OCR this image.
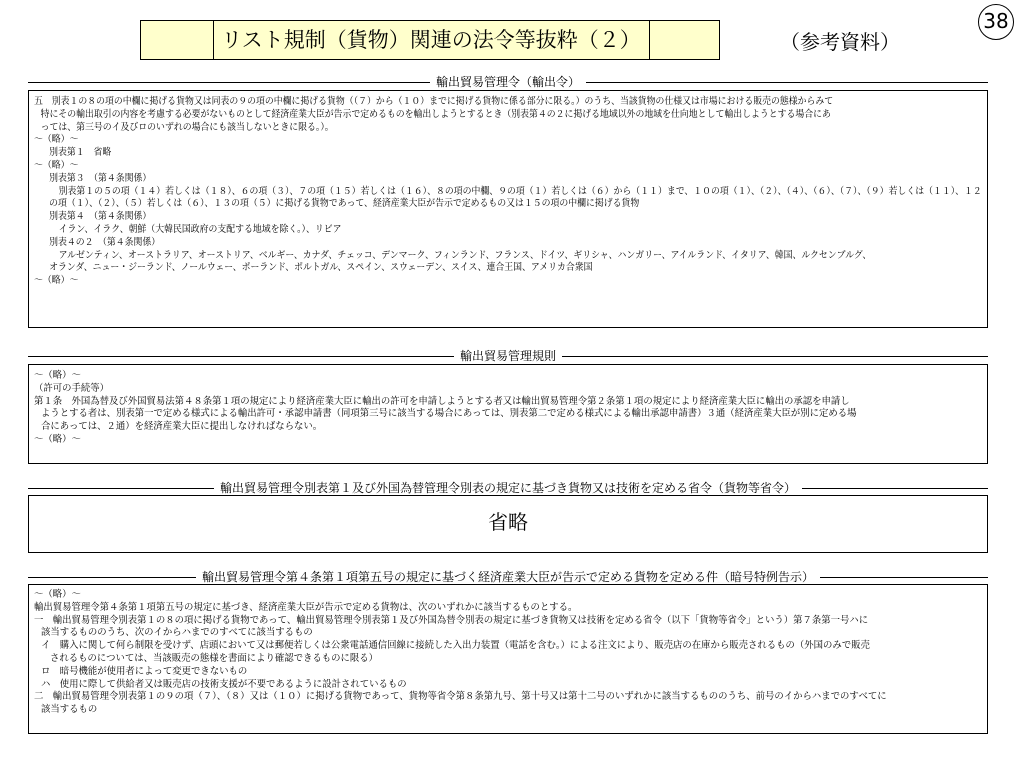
リスト規制（貨物）関連の法令等抜粋（２）	（参考資料）
38
輸出貿易管理令（輸出令）
五　別表１の８の項の中欄に掲げる貨物又は同表の９の項の中欄に掲げる貨物（（７）から（１０）までに掲げる貨物に係る部分に限る。）のうち、当該貨物の仕様又は市場における販売の態様からみて
特にその輸出取引の内容を考慮する必要がないものとして経済産業大臣が告示で定めるものを輸出しようとするとき（別表第４の２に掲げる地域以外の地域を仕向地として輸出しようとする場合にあ
っては、第三号のイ及びロのいずれの場合にも該当しないときに限る。）。
～（略）～
別表第１　省略
～（略）～
別表第３　（第４条関係）
別表第１の５の項（１４）若しくは（１８）、６の項（３）、７の項（１５）若しくは（１６）、８の項の中欄、９の項（１）若しくは（６）から（１１）まで、１０の項（１）、（２）、（４）、（６）、（７）、（９）若しくは（１１）、１２
の項（１）、（２）、（５）若しくは（６）、１３の項（５）に掲げる貨物であって、経済産業大臣が告示で定めるもの又は１５の項の中欄に掲げる貨物
別表第４　（第４条関係）
イラン、イラク、朝鮮（大韓民国政府の支配する地域を除く。）、リビア
別表４の２　（第４条関係）
アルゼンティン、オーストラリア、オーストリア、ベルギー、カナダ、チェッコ、デンマーク、フィンランド、フランス、ドイツ、ギリシャ、ハンガリー、アイルランド、イタリア、韓国、ルクセンブルグ、
オランダ、ニュー・ジーランド、ノールウェー、ポーランド、ポルトガル、スペイン、スウェーデン、スイス、連合王国、アメリカ合衆国
～（略）～
輸出貿易管理規則
～（略）～
（許可の手続等）
第１条　外国為替及び外国貿易法第４８条第１項の規定により経済産業大臣に輸出の許可を申請しようとする者又は輸出貿易管理令第２条第１項の規定により経済産業大臣に輸出の承認を申請し
ようとする者は、別表第一で定める様式による輸出許可・承認申請書（同項第三号に該当する場合にあっては、別表第二で定める様式による輸出承認申請書）３通（経済産業大臣が別に定める場
合にあっては、２通）を経済産業大臣に提出しなければならない。
～（略）～
輸出貿易管理令別表第１及び外国為替管理令別表の規定に基づき貨物又は技術を定める省令（貨物等省令）
省略
輸出貿易管理令第４条第１項第五号の規定に基づく経済産業大臣が告示で定める貨物を定める件（暗号特例告示）
～（略）～
輸出貿易管理令第４条第１項第五号の規定に基づき、経済産業大臣が告示で定める貨物は、次のいずれかに該当するものとする。
一　輸出貿易管理令別表第１の８の項に掲げる貨物であって、輸出貿易管理令別表第１及び外国為替令別表の規定に基づき貨物又は技術を定める省令（以下「貨物等省令」という）第７条第一号ハに
該当するもののうち、次のイからハまでのすべてに該当するもの
イ　購入に関して何ら制限を受けず、店頭において又は郵便若しくは公衆電話通信回線に接続した入出力装置（電話を含む。）による注文により、販売店の在庫から販売されるもの（外国のみで販売
されるものについては、当該販売の態様を書面により確認できるものに限る）
ロ　暗号機能が使用者によって変更できないもの
ハ　使用に際して供給者又は販売店の技術支援が不要であるように設計されているもの
二　輸出貿易管理令別表第１の９の項（７）、（８）又は（１０）に掲げる貨物であって、貨物等省令第８条第九号、第十号又は第十二号のいずれかに該当するもののうち、前号のイからハまでのすべてに
該当するもの
